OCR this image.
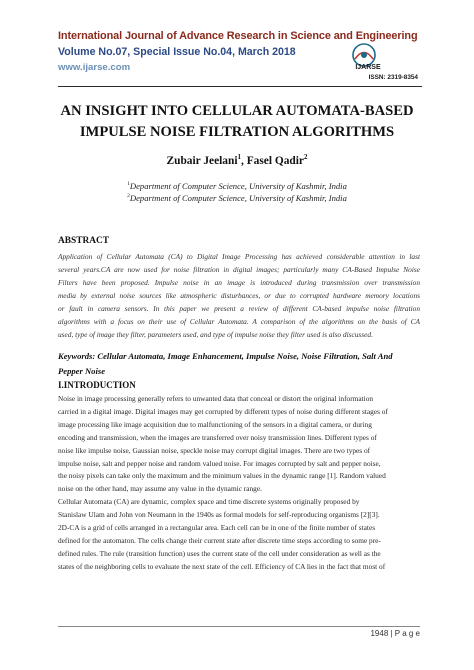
International Journal of Advance Research in Science and Engineering
Volume No.07, Special Issue No.04, March 2018
www.ijarse.com	IJARSE
ISSN: 2319-8354
AN INSIGHT INTO CELLULAR AUTOMATA-BASED
IMPULSE NOISE FILTRATION ALGORITHMS
Zubair Jeelani$^1$, Fasel Qadir$^2$
$^1$Department of Computer Science, University of Kashmir, India
$^2$Department of Computer Science, University of Kashmir, India
ABSTRACT
Application of Cellular Automata (CA) to Digital Image Processing has achieved considerable attention in last
several years.CA are now used for noise filtration in digital images; particularly many CA-Based Impulse Noise
Filters have been proposed. Impulse noise in an image is introduced during transmission over transmission
media by external noise sources like atmospheric disturbances, or due to corrupted hardware memory locations
or fault in camera sensors. In this paper we present a review of different CA-based impulse noise filtration
algorithms with a focus on their use of Cellular Automata. A comparison of the algorithms on the basis of CA
used, type of image they filter, parameters used, and type of impulse noise they filter used is also discussed.
Keywords: Cellular Automata, Image Enhancement, Impulse Noise, Noise Filtration, Salt And
Pepper Noise
I.INTRODUCTION
Noise in image processing generally refers to unwanted data that conceal or distort the original information
carried in a digital image. Digital images may get corrupted by different types of noise during different stages of
image processing like image acquisition due to malfunctioning of the sensors in a digital camera, or during
encoding and transmission, when the images are transferred over noisy transmission lines. Different types of
noise like impulse noise, Gaussian noise, speckle noise may corrupt digital images. There are two types of
impulse noise, salt and pepper noise and random valued noise. For images corrupted by salt and pepper noise,
the noisy pixels can take only the maximum and the minimum values in the dynamic range [1]. Random valued
noise on the other hand, may assume any value in the dynamic range.
Cellular Automata (CA) are dynamic, complex space and time discrete systems originally proposed by
Stanislaw Ulam and John von Neumann in the 1940s as formal models for self-reproducing organisms [2][3].
2D-CA is a grid of cells arranged in a rectangular area. Each cell can be in one of the finite number of states
defined for the automaton. The cells change their current state after discrete time steps according to some pre-
defined rules. The rule (transition function) uses the current state of the cell under consideration as well as the
states of the neighboring cells to evaluate the next state of the cell. Efficiency of CA lies in the fact that most of
1948 | P a g e
